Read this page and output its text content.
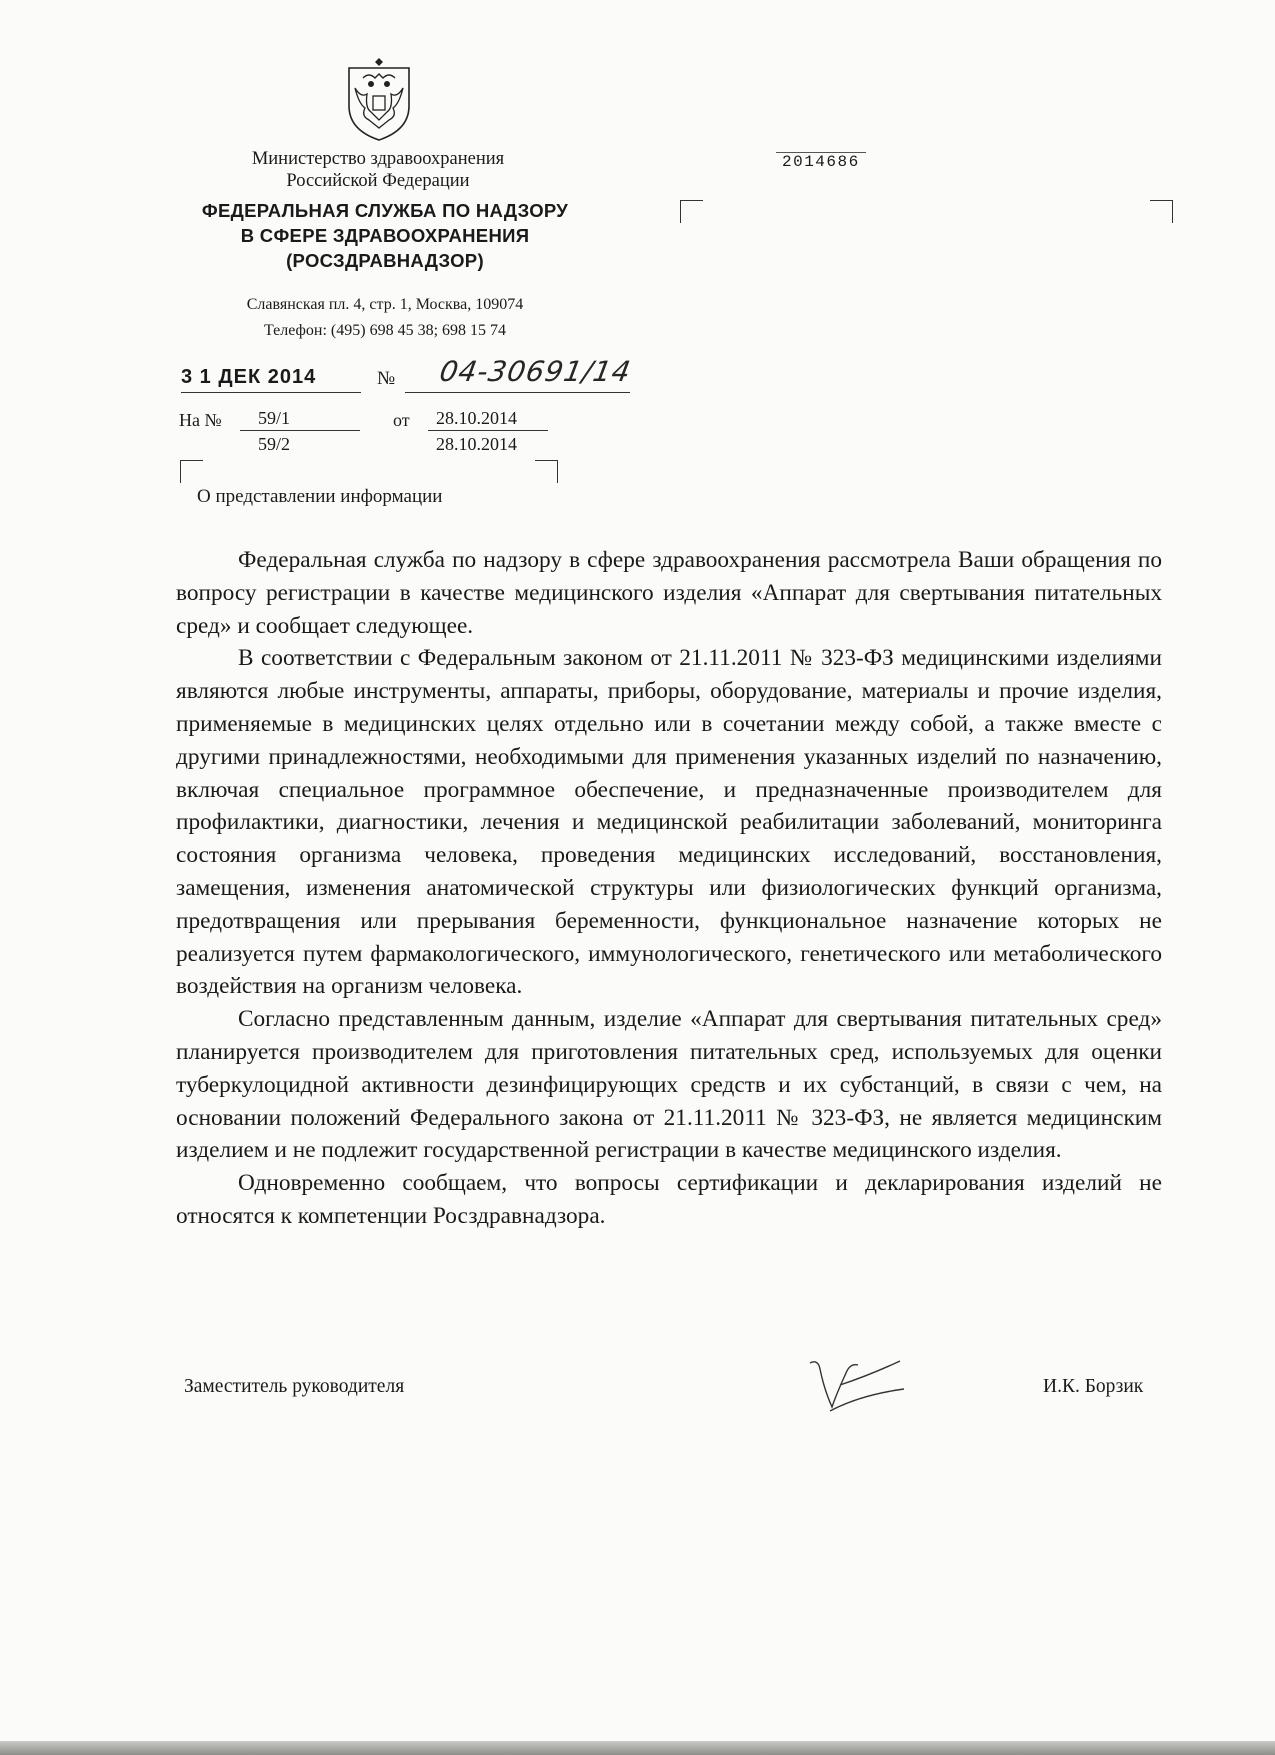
Министерство здравоохранения
Российской Федерации
2014686
ФЕДЕРАЛЬНАЯ СЛУЖБА ПО НАДЗОРУ
В СФЕРЕ ЗДРАВООХРАНЕНИЯ
(РОСЗДРАВНАДЗОР)
Славянская пл. 4, стр. 1, Москва, 109074
Телефон: (495) 698 45 38; 698 15 74
3 1 ДЕК 2014	№ 04-30691/14
На № 59/1
59/2
от 28.10.2014
28.10.2014
О представлении информации

Федеральная служба по надзору в сфере здравоохранения рассмотрела Ваши обращения по вопросу регистрации в качестве медицинского изделия «Аппарат для свертывания питательных сред» и сообщает следующее.

В соответствии с Федеральным законом от 21.11.2011 № 323-ФЗ медицинскими изделиями являются любые инструменты, аппараты, приборы, оборудование, материалы и прочие изделия, применяемые в медицинских целях отдельно или в сочетании между собой, а также вместе с другими принадлежностями, необходимыми для применения указанных изделий по назначению, включая специальное программное обеспечение, и предназначенные производителем для профилактики, диагностики, лечения и медицинской реабилитации заболеваний, мониторинга состояния организма человека, проведения медицинских исследований, восстановления, замещения, изменения анатомической структуры или физиологических функций организма, предотвращения или прерывания беременности, функциональное назначение которых не реализуется путем фармакологического, иммунологического, генетического или метаболического воздействия на организм человека.

Согласно представленным данным, изделие «Аппарат для свертывания питательных сред» планируется производителем для приготовления питательных сред, используемых для оценки туберкулоцидной активности дезинфицирующих средств и их субстанций, в связи с чем, на основании положений Федерального закона от 21.11.2011 № 323-ФЗ, не является медицинским изделием и не подлежит государственной регистрации в качестве медицинского изделия.

Одновременно сообщаем, что вопросы сертификации и декларирования изделий не относятся к компетенции Росздравнадзора.

Заместитель руководителя	И.К. Борзик
